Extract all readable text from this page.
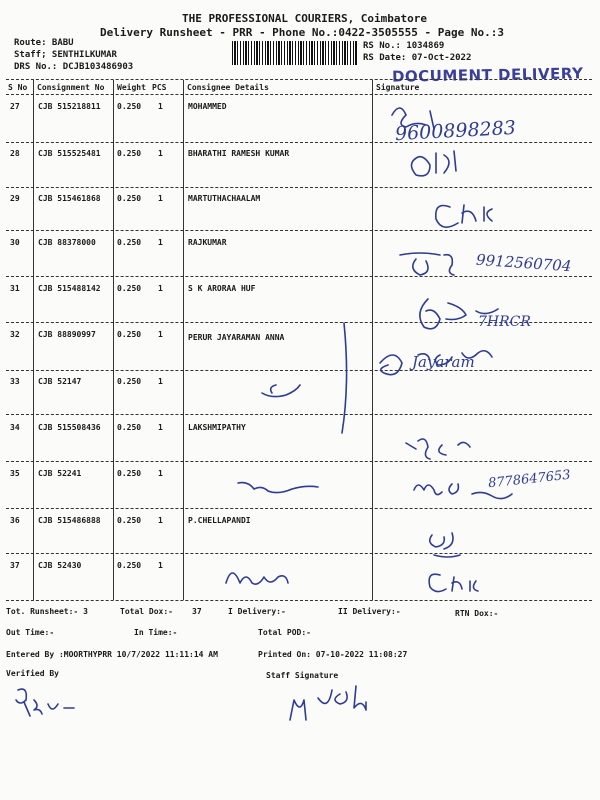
THE PROFESSIONAL COURIERS, Coimbatore
Delivery Runsheet - PRR - Phone No.:0422-3505555 - Page No.:3
Route: BABU
Staff; SENTHILKUMAR
DRS No.: DCJB103486903
RS No.: 1034869
RS Date: 07-Oct-2022
DOCUMENT DELIVERY
S No Consignment No Weight PCS	Consignee Details	Signature
27 CJB 515218811 0.250 1	MOHAMMED
28 CJB 515525481 0.250 1	BHARATHI RAMESH KUMAR
29 CJB 515461868 0.250 1	MARTUTHACHAALAM
30 CJB 88378000	0.250 1	RAJKUMAR
31 CJB 515488142 0.250 1	S K ARORAA HUF
32 CJB 88890997	0.250 1	PERUR JAYARAMAN ANNA
33 CJB 52147	0.250 1
34 CJB 515508436 0.250 1	LAKSHMIPATHY
35 CJB 52241	0.250 1
36 CJB 515486888 0.250 1	P.CHELLAPANDI
37 CJB 52430	0.250 1
9600898283
9912560704
7HRCR
Jayaram
8778647653
Tot. Runsheet:- 3	Total Dox:- 37	I Delivery:-	II Delivery:-	RTN Dox:-
Out Time:-	In Time:-	Total POD:-
Entered By :MOORTHYPRR 10/7/2022 11:11:14 AM	Printed On: 07-10-2022 11:08:27
Verified By	Staff Signature
